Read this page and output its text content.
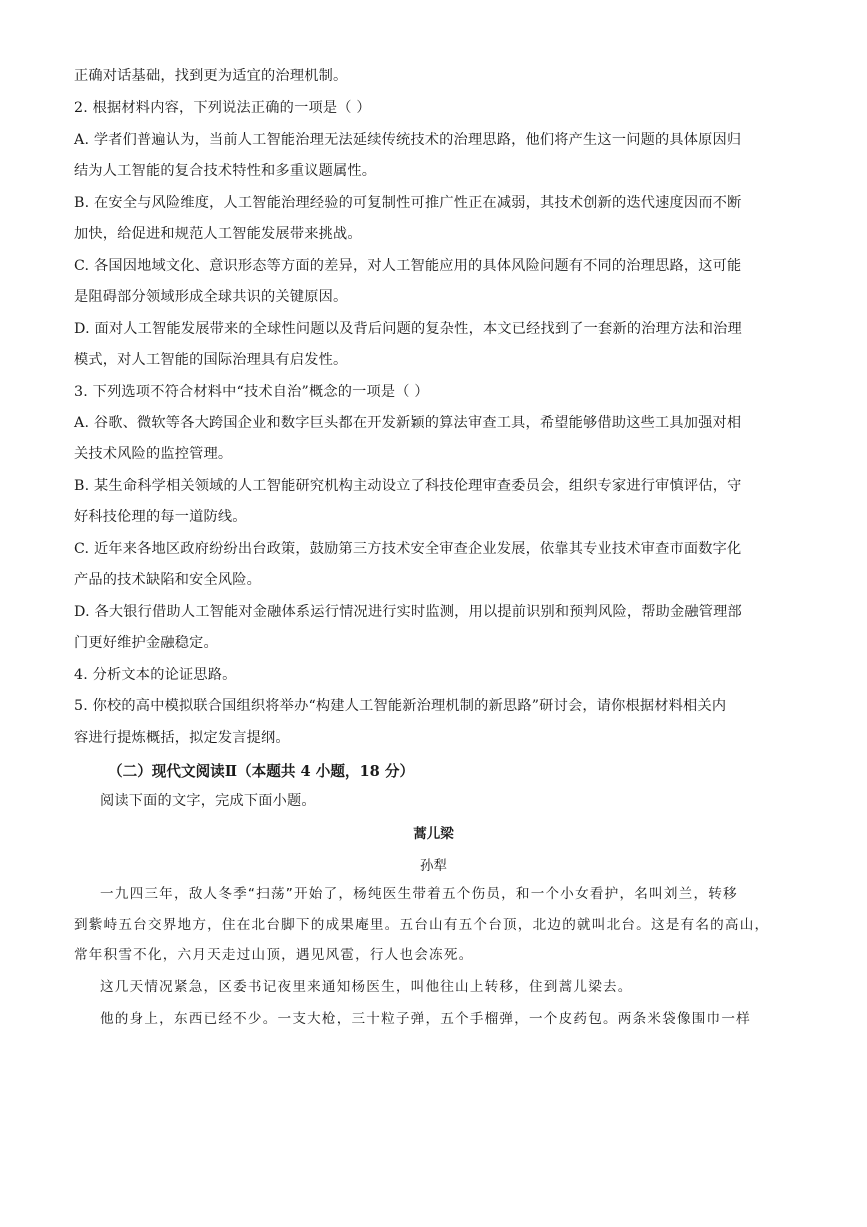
正确对话基础，找到更为适宜的治理机制。
2. 根据材料内容，下列说法正确的一项是（ ）
A. 学者们普遍认为，当前人工智能治理无法延续传统技术的治理思路，他们将产生这一问题的具体原因归
结为人工智能的复合技术特性和多重议题属性。
B. 在安全与风险维度，人工智能治理经验的可复制性可推广性正在减弱，其技术创新的迭代速度因而不断
加快，给促进和规范人工智能发展带来挑战。
C. 各国因地域文化、意识形态等方面的差异，对人工智能应用的具体风险问题有不同的治理思路，这可能
是阻碍部分领域形成全球共识的关键原因。
D. 面对人工智能发展带来的全球性问题以及背后问题的复杂性，本文已经找到了一套新的治理方法和治理
模式，对人工智能的国际治理具有启发性。
3. 下列选项不符合材料中“技术自治”概念的一项是（ ）
A. 谷歌、微软等各大跨国企业和数字巨头都在开发新颖的算法审查工具，希望能够借助这些工具加强对相
关技术风险的监控管理。
B. 某生命科学相关领域的人工智能研究机构主动设立了科技伦理审查委员会，组织专家进行审慎评估，守
好科技伦理的每一道防线。
C. 近年来各地区政府纷纷出台政策，鼓励第三方技术安全审查企业发展，依靠其专业技术审查市面数字化
产品的技术缺陷和安全风险。
D. 各大银行借助人工智能对金融体系运行情况进行实时监测，用以提前识别和预判风险，帮助金融管理部
门更好维护金融稳定。
4. 分析文本的论证思路。
5. 你校的高中模拟联合国组织将举办“构建人工智能新治理机制的新思路”研讨会，请你根据材料相关内
容进行提炼概括，拟定发言提纲。
（二）现代文阅读Ⅱ（本题共 4 小题，18 分）
阅读下面的文字，完成下面小题。
蒿儿梁
孙犁
一九四三年，敌人冬季“扫荡”开始了，杨纯医生带着五个伤员，和一个小女看护，名叫刘兰，转移
到紫峙五台交界地方，住在北台脚下的成果庵里。五台山有五个台顶，北边的就叫北台。这是有名的高山，
常年积雪不化，六月天走过山顶，遇见风雹，行人也会冻死。
这几天情况紧急，区委书记夜里来通知杨医生，叫他往山上转移，住到蒿儿梁去。
他的身上，东西已经不少。一支大枪，三十粒子弹，五个手榴弹，一个皮药包。两条米袋像围巾一样
